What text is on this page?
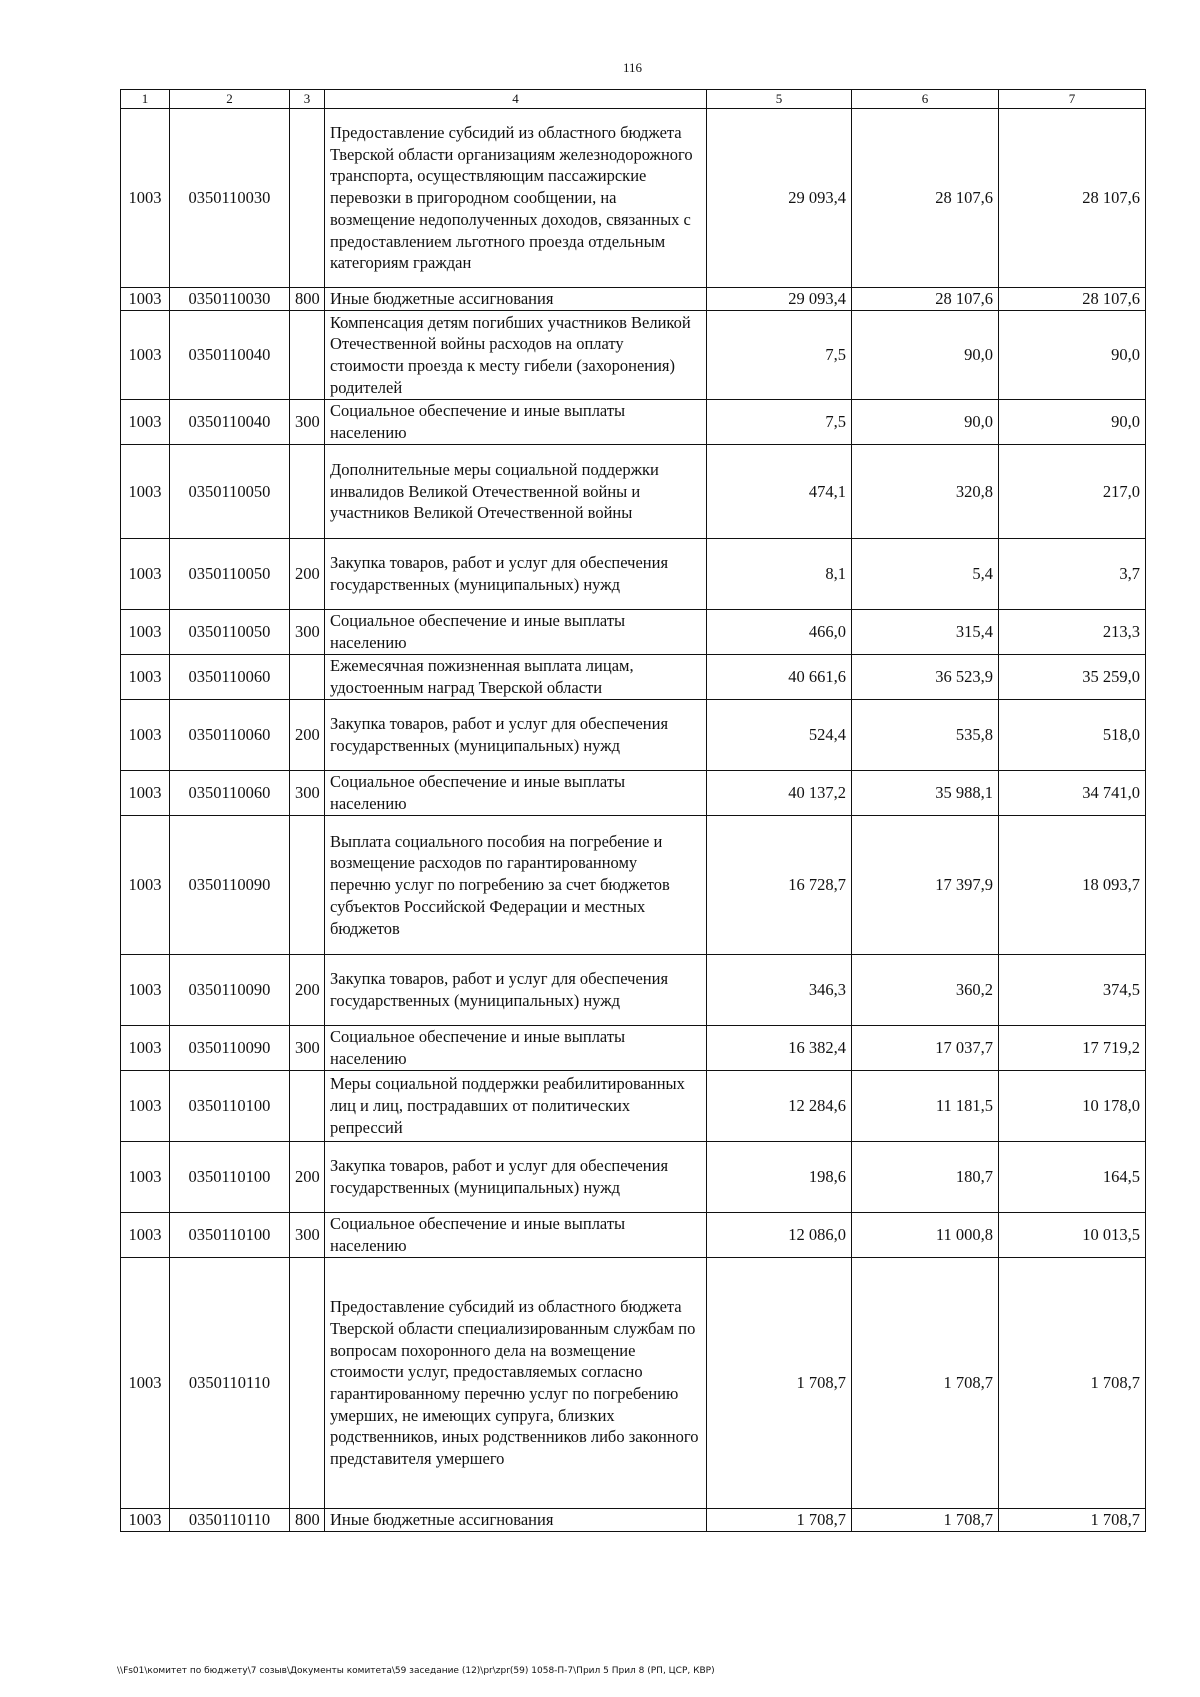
116
1	2	3	4	5	6	7
1003	0350110030		Предоставление субсидий из областного бюджета Тверской области организациям железнодорожного транспорта, осуществляющим пассажирские перевозки в пригородном сообщении, на возмещение недополученных доходов, связанных с предоставлением льготного проезда отдельным категориям граждан	29 093,4	28 107,6	28 107,6
1003	0350110030	800	Иные бюджетные ассигнования	29 093,4	28 107,6	28 107,6
1003	0350110040		Компенсация детям погибших участников Великой Отечественной войны расходов на оплату стоимости проезда к месту гибели (захоронения) родителей	7,5	90,0	90,0
1003	0350110040	300	Социальное обеспечение и иные выплаты населению	7,5	90,0	90,0
1003	0350110050		Дополнительные меры социальной поддержки инвалидов Великой Отечественной войны и участников Великой Отечественной войны	474,1	320,8	217,0
1003	0350110050	200	Закупка товаров, работ и услуг для обеспечения государственных (муниципальных) нужд	8,1	5,4	3,7
1003	0350110050	300	Социальное обеспечение и иные выплаты населению	466,0	315,4	213,3
1003	0350110060		Ежемесячная пожизненная выплата лицам, удостоенным наград Тверской области	40 661,6	36 523,9	35 259,0
1003	0350110060	200	Закупка товаров, работ и услуг для обеспечения государственных (муниципальных) нужд	524,4	535,8	518,0
1003	0350110060	300	Социальное обеспечение и иные выплаты населению	40 137,2	35 988,1	34 741,0
1003	0350110090		Выплата социального пособия на погребение и возмещение расходов по гарантированному перечню услуг по погребению за счет бюджетов субъектов Российской Федерации и местных бюджетов	16 728,7	17 397,9	18 093,7
1003	0350110090	200	Закупка товаров, работ и услуг для обеспечения государственных (муниципальных) нужд	346,3	360,2	374,5
1003	0350110090	300	Социальное обеспечение и иные выплаты населению	16 382,4	17 037,7	17 719,2
1003	0350110100		Меры социальной поддержки реабилитированных лиц и лиц, пострадавших от политических репрессий	12 284,6	11 181,5	10 178,0
1003	0350110100	200	Закупка товаров, работ и услуг для обеспечения государственных (муниципальных) нужд	198,6	180,7	164,5
1003	0350110100	300	Социальное обеспечение и иные выплаты населению	12 086,0	11 000,8	10 013,5
1003	0350110110		Предоставление субсидий из областного бюджета Тверской области специализированным службам по вопросам похоронного дела на возмещение стоимости услуг, предоставляемых согласно гарантированному перечню услуг по погребению умерших, не имеющих супруга, близких родственников, иных родственников либо законного представителя умершего	1 708,7	1 708,7	1 708,7
1003	0350110110	800	Иные бюджетные ассигнования	1 708,7	1 708,7	1 708,7
\\Fs01\комитет по бюджету\7 созыв\Документы комитета\59 заседание (12)\pr\zpr(59) 1058-П-7\Прил 5 Прил 8 (РП, ЦСР, КВР)
